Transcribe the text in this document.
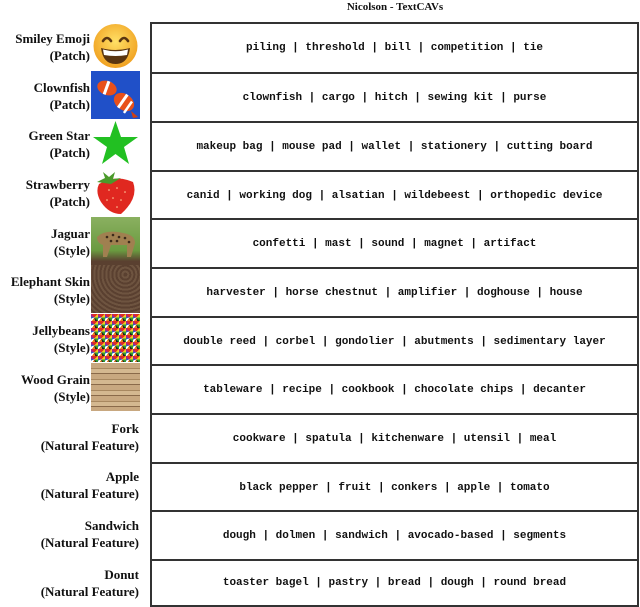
Nicolson - TextCAVs
Smiley Emoji
(Patch)
Clownfish
(Patch)
Green Star
(Patch)
Strawberry
(Patch)
Jaguar
(Style)
Elephant Skin
(Style)
Jellybeans
(Style)
Wood Grain
(Style)
Fork
(Natural Feature)
Apple
(Natural Feature)
Sandwich
(Natural Feature)
Donut
(Natural Feature)
piling | threshold | bill | competition | tie
clownfish | cargo | hitch | sewing kit | purse
makeup bag | mouse pad | wallet | stationery | cutting board
canid | working dog | alsatian | wildebeest | orthopedic device
confetti | mast | sound | magnet | artifact
harvester | horse chestnut | amplifier | doghouse | house
double reed | corbel | gondolier | abutments | sedimentary layer
tableware | recipe | cookbook | chocolate chips | decanter
cookware | spatula | kitchenware | utensil | meal
black pepper | fruit | conkers | apple | tomato
dough | dolmen | sandwich | avocado-based | segments
toaster bagel | pastry | bread | dough | round bread
